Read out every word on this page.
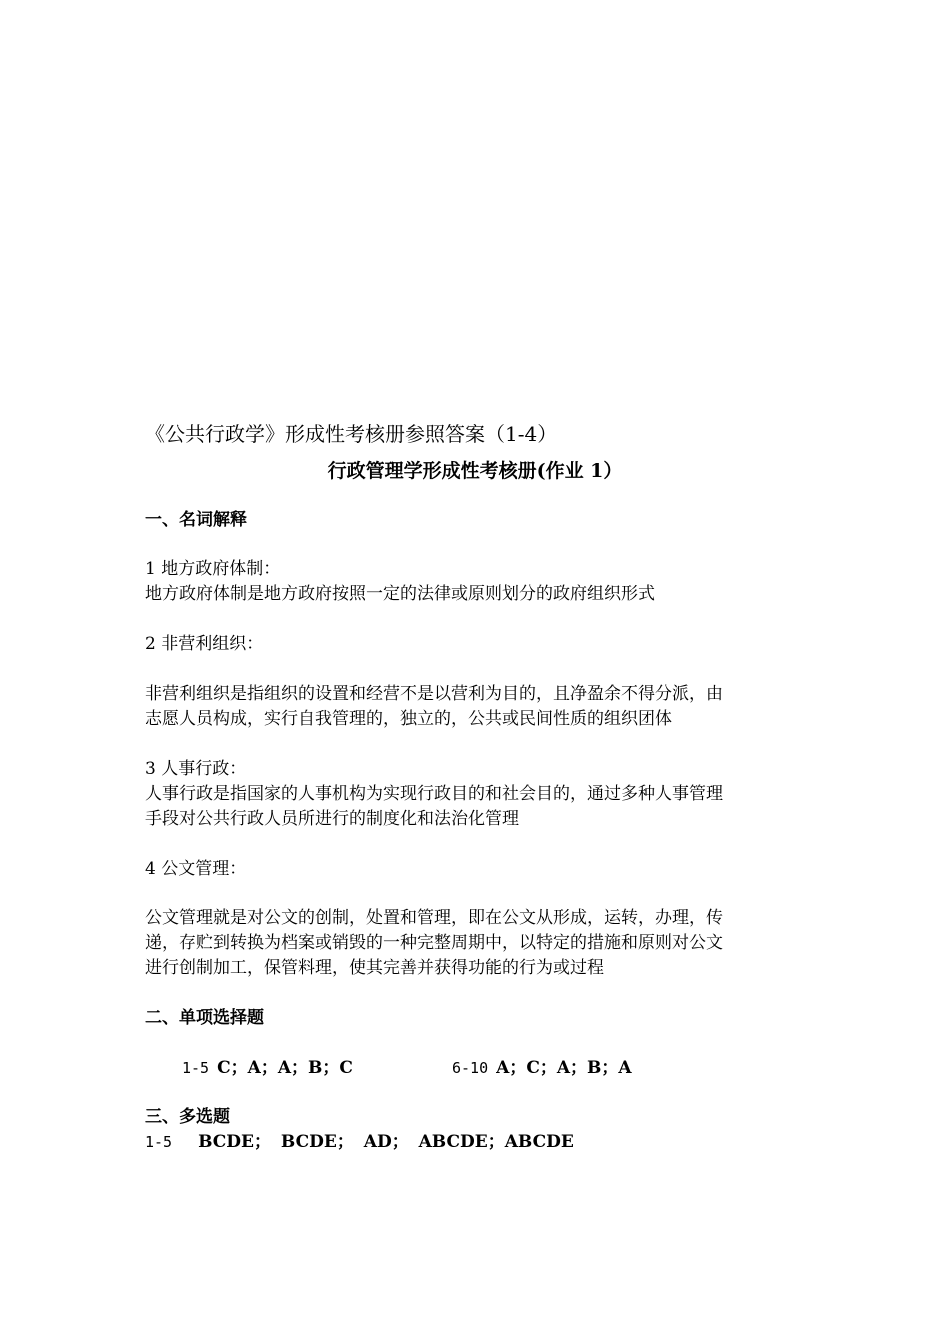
《公共行政学》形成性考核册参照答案（1-4）
行政管理学形成性考核册(作业 1）
一、名词解释
1 地方政府体制：
地方政府体制是地方政府按照一定的法律或原则划分的政府组织形式
2 非营利组织：
非营利组织是指组织的设置和经营不是以营利为目的，且净盈余不得分派，由
志愿人员构成，实行自我管理的，独立的，公共或民间性质的组织团体
3 人事行政：
人事行政是指国家的人事机构为实现行政目的和社会目的，通过多种人事管理
手段对公共行政人员所进行的制度化和法治化管理
4 公文管理：
公文管理就是对公文的创制，处置和管理，即在公文从形成，运转，办理，传
递，存贮到转换为档案或销毁的一种完整周期中，以特定的措施和原则对公文
进行创制加工，保管料理，使其完善并获得功能的行为或过程
二、单项选择题
1-5 C；A；A；B；C	6-10 A；C；A；B；A
三、多选题
1-5 BCDE； BCDE； AD； ABCDE；ABCDE
